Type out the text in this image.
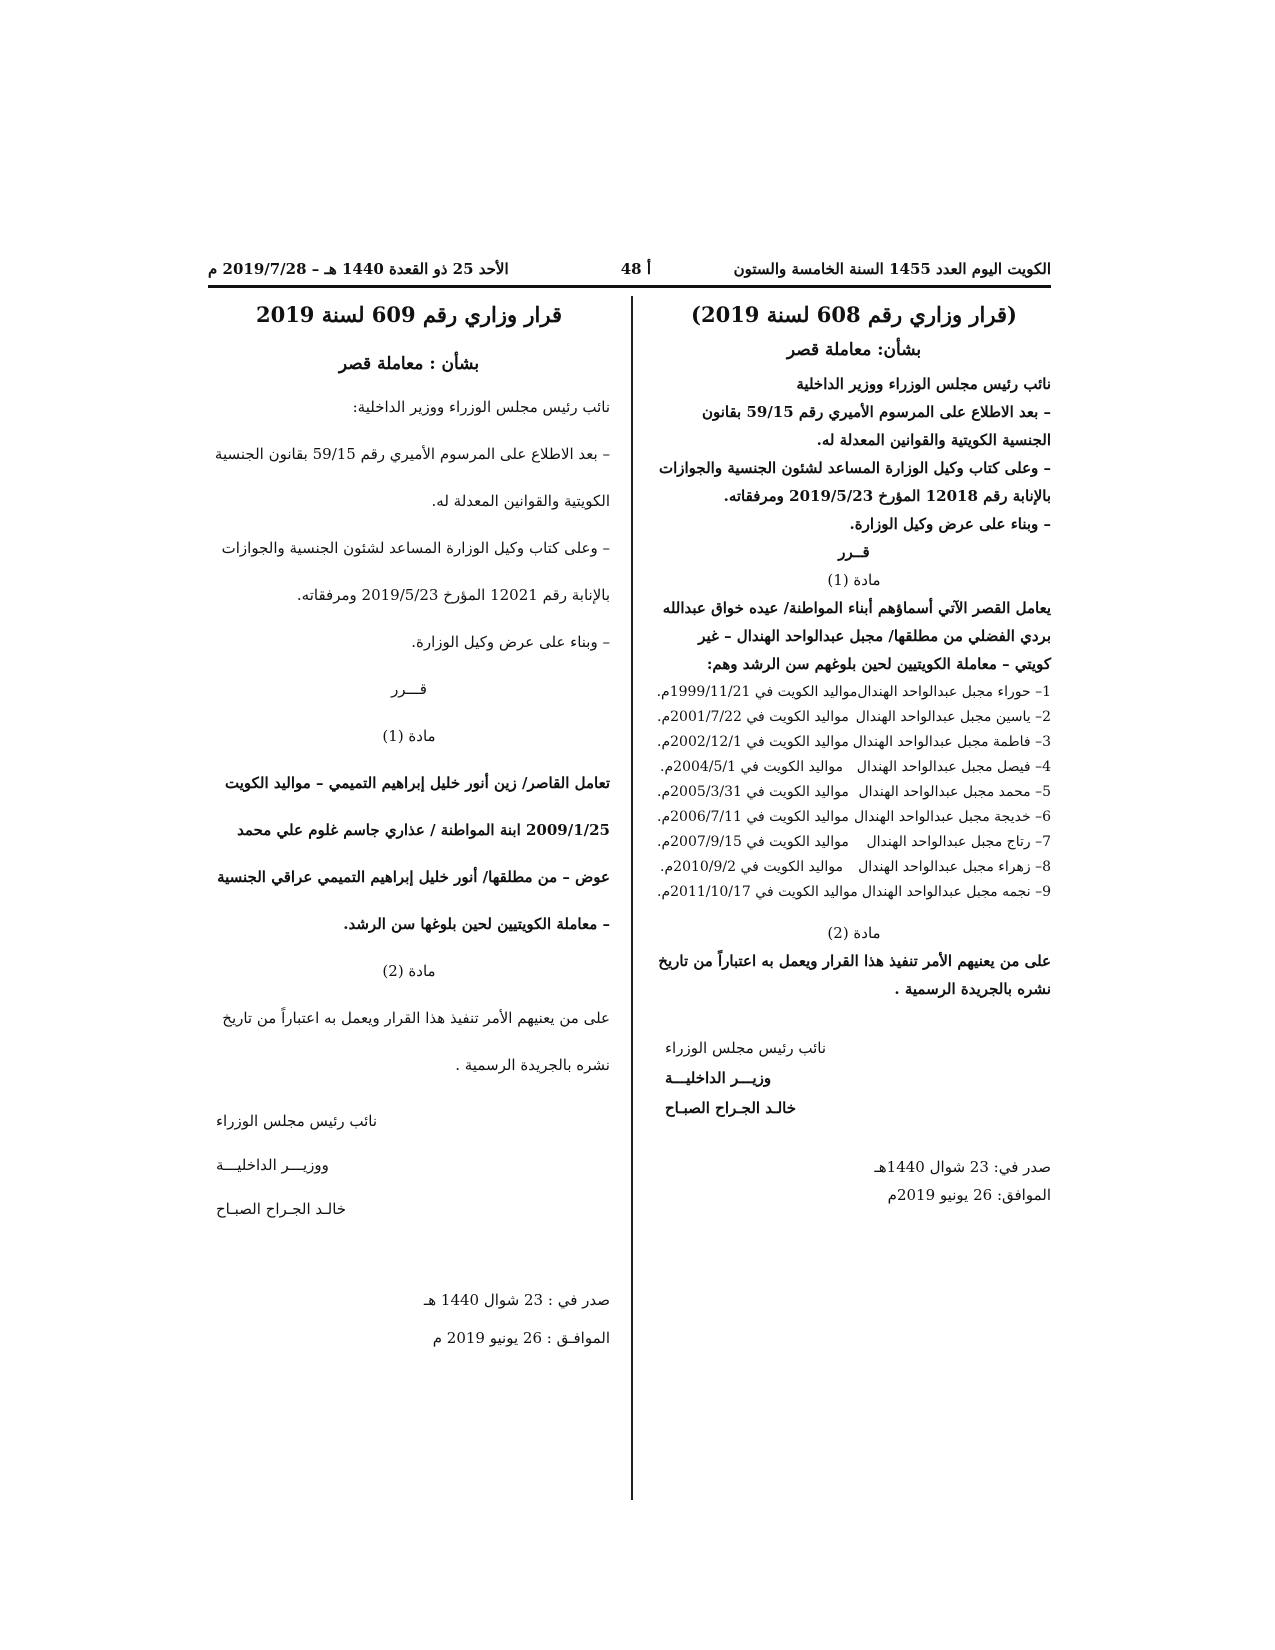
الكويت اليوم العدد 1455 السنة الخامسة والستون
أ 48
الأحد 25 ذو القعدة 1440 هـ – 2019/7/28 م
(قرار وزاري رقم 608 لسنة 2019)
بشأن: معاملة قصر

نائب رئيس مجلس الوزراء ووزير الداخلية

– بعد الاطلاع على المرسوم الأميري رقم 59/15 بقانون الجنسية الكويتية والقوانين المعدلة له.

– وعلى كتاب وكيل الوزارة المساعد لشئون الجنسية والجوازات بالإنابة رقم 12018 المؤرخ 2019/5/23 ومرفقاته.

– وبناء على عرض وكيل الوزارة.

قــرر

مادة (1)

يعامل القصر الآتي أسماؤهم أبناء المواطنة/ عيده خواق عبدالله بردي الفضلي من مطلقها/ مجبل عبدالواحد الهندال – غير كويتي – معاملة الكويتيين لحين بلوغهم سن الرشد وهم:

1– حوراء مجبل عبدالواحد الهندال
مواليد الكويت في 1999/11/21م.
2– ياسين مجبل عبدالواحد الهندال
مواليد الكويت في 2001/7/22م.
3– فاطمة مجبل عبدالواحد الهندال
مواليد الكويت في 2002/12/1م.
4– فيصل مجبل عبدالواحد الهندال
مواليد الكويت في 2004/5/1م.
5– محمد مجبل عبدالواحد الهندال
مواليد الكويت في 2005/3/31م.
6– خديجة مجبل عبدالواحد الهندال
مواليد الكويت في 2006/7/11م.
7– رتاج مجبل عبدالواحد الهندال
مواليد الكويت في 2007/9/15م.
8– زهراء مجبل عبدالواحد الهندال
مواليد الكويت في 2010/9/2م.
9– نجمه مجبل عبدالواحد الهندال
مواليد الكويت في 2011/10/17م.

مادة (2)

على من يعنيهم الأمر تنفيذ هذا القرار ويعمل به اعتباراً من تاريخ نشره بالجريدة الرسمية .

نائب رئيس مجلس الوزراء

وزيـــر الداخليـــة

خالـد الجـراح الصبـاح

صدر في: 23 شوال 1440هـ

الموافق: 26 يونيو 2019م

قرار وزاري رقم 609 لسنة 2019
بشأن : معاملة قصر

نائب رئيس مجلس الوزراء ووزير الداخلية:

– بعد الاطلاع على المرسوم الأميري رقم 59/15 بقانون الجنسية الكويتية والقوانين المعدلة له.

– وعلى كتاب وكيل الوزارة المساعد لشئون الجنسية والجوازات بالإنابة رقم 12021 المؤرخ 2019/5/23 ومرفقاته.

– وبناء على عرض وكيل الوزارة.

قـــرر

مادة (1)

تعامل القاصر/ زين أنور خليل إبراهيم التميمي – مواليد الكويت 2009/1/25 ابنة المواطنة / عذاري جاسم غلوم علي محمد عوض – من مطلقها/ أنور خليل إبراهيم التميمي عراقي الجنسية – معاملة الكويتيين لحين بلوغها سن الرشد.

مادة (2)

على من يعنيهم الأمر تنفيذ هذا القرار ويعمل به اعتباراً من تاريخ نشره بالجريدة الرسمية .

نائب رئيس مجلس الوزراء

ووزيـــر الداخليـــة

خالـد الجـراح الصبـاح

صدر في : 23 شوال 1440 هـ

الموافـق : 26 يونيو 2019 م
